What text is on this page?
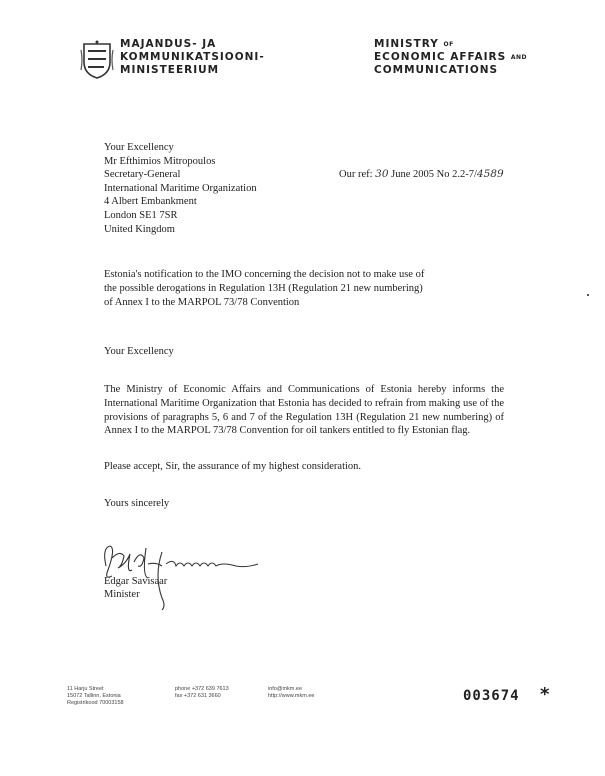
MAJANDUS- JA
KOMMUNIKATSIOONI-
MINISTEERIUM
MINISTRY $^{OF}$
ECONOMIC AFFAIRS $^{AND}$
COMMUNICATIONS
Your Excellency
Mr Efthimios Mitropoulos
Secretary-General
International Maritime Organization
4 Albert Embankment
London SE1 7SR
United Kingdom
Our ref: 30 June 2005 No 2.2-7/4589
Estonia's notification to the IMO concerning the decision not to make use of the possible derogations in Regulation 13H (Regulation 21 new numbering) of Annex I to the MARPOL 73/78 Convention
Your Excellency
The Ministry of Economic Affairs and Communications of Estonia hereby informs the International Maritime Organization that Estonia has decided to refrain from making use of the provisions of paragraphs 5, 6 and 7 of the Regulation 13H (Regulation 21 new numbering) of Annex I to the MARPOL 73/78 Convention for oil tankers entitled to fly Estonian flag.
Please accept, Sir, the assurance of my highest consideration.
Yours sincerely
Edgar Savisaar
Minister
11 Harju Street
15072 Tallinn, Estonia
Registrikood 70003158
phone +372 639 7613
fax +372 631 3660
info@mkm.ee
http://www.mkm.ee	003674 *
